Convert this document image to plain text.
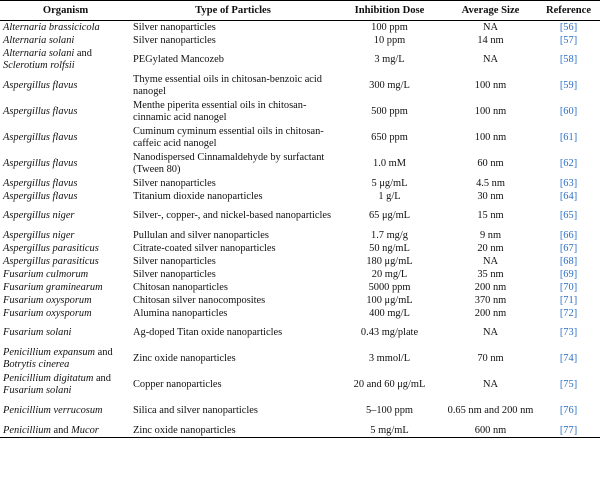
Organism	Type of Particles	Inhibition Dose	Average Size	Reference
Alternaria brassicicola	Silver nanoparticles	100 ppm	NA	[56]
Alternaria solani	Silver nanoparticles	10 ppm	14 nm	[57]
Alternaria solani and Sclerotium rolfsii	PEGylated Mancozeb	3 mg/L	NA	[58]
Aspergillus flavus	Thyme essential oils in chitosan-benzoic acid nanogel	300 mg/L	100 nm	[59]
Aspergillus flavus	Menthe piperita essential oils in chitosan-cinnamic acid nanogel	500 ppm	100 nm	[60]
Aspergillus flavus	Cuminum cyminum essential oils in chitosan-caffeic acid nanogel	650 ppm	100 nm	[61]
Aspergillus flavus	Nanodispersed Cinnamaldehyde by surfactant (Tween 80)	1.0 mM	60 nm	[62]
Aspergillus flavus	Silver nanoparticles	5 μg/mL	4.5 nm	[63]
Aspergillus flavus	Titanium dioxide nanoparticles	1 g/L	30 nm	[64]
Aspergillus niger	Silver-, copper-, and nickel-based nanoparticles	65 μg/mL	15 nm	[65]
Aspergillus niger	Pullulan and silver nanoparticles	1.7 mg/g	9 nm	[66]
Aspergillus parasiticus	Citrate-coated silver nanoparticles	50 ng/mL	20 nm	[67]
Aspergillus parasiticus	Silver nanoparticles	180 μg/mL	NA	[68]
Fusarium culmorum	Silver nanoparticles	20 mg/L	35 nm	[69]
Fusarium graminearum	Chitosan nanoparticles	5000 ppm	200 nm	[70]
Fusarium oxysporum	Chitosan silver nanocomposites	100 μg/mL	370 nm	[71]
Fusarium oxysporum	Alumina nanoparticles	400 mg/L	200 nm	[72]
Fusarium solani	Ag-doped Titan oxide nanoparticles	0.43 mg/plate	NA	[73]
Penicillium expansum and Botrytis cinerea	Zinc oxide nanoparticles	3 mmol/L	70 nm	[74]
Penicillium digitatum and Fusarium solani	Copper nanoparticles	20 and 60 μg/mL	NA	[75]
Penicillium verrucosum	Silica and silver nanoparticles	5–100 ppm	0.65 nm and 200 nm	[76]
Penicillium and Mucor	Zinc oxide nanoparticles	5 mg/mL	600 nm	[77]
